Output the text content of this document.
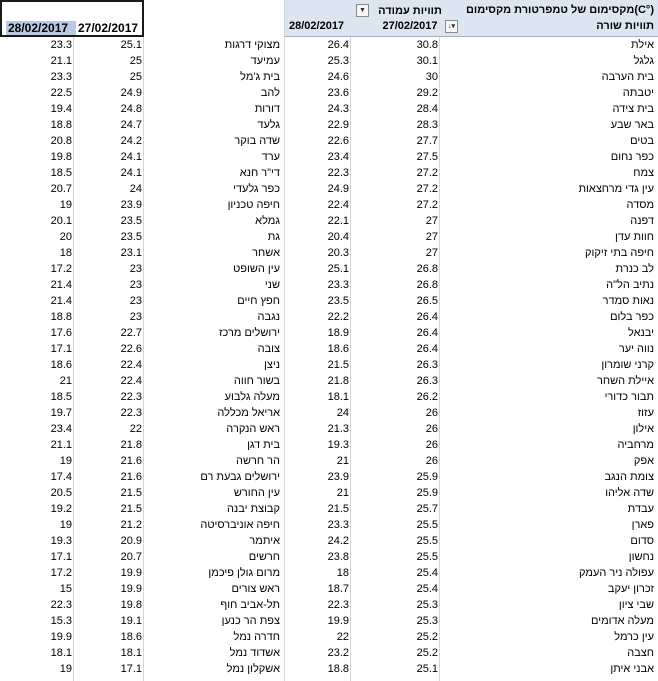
28/02/2017 27/02/2017	28/02/2017
▼	תוויות עמודה
27/02/2017	↓▾
מקסימום של טמפרטורת מקסימום(C°)
תוויות שורה
23.3	25.1	מצוקי דרגות	26.4	30.8	אילת
21.1	25	עמיעד	25.3	30.1	גלגל
23.3	25	בית ג'מל	24.6	30	בית הערבה
22.5	24.9	להב	23.6	29.2	יטבתה
19.4	24.8	דורות	24.3	28.4	בית צידה
18.8	24.7	גלעד	22.9	28.3	באר שבע
20.8	24.2	שדה בוקר	22.6	27.7	בטים
19.8	24.1	ערד	23.4	27.5	כפר נחום
18.5	24.1	די"ר חנא	22.3	27.2	צמח
20.7	24	כפר גלעדי	24.9	27.2	עין גדי מרחצאות
19	23.9	חיפה טכניון	22.4	27.2	מסדה
20.1	23.5	גמלא	22.1	27	דפנה
20	23.5	גת	20.4	27	חוות עדן
18	23.1	אשחר	20.3	27	חיפה בתי זיקוק
17.2	23	עין השופט	25.1	26.8	לב כנרת
21.4	23	שני	23.3	26.8	נתיב הל"ה
21.4	23	חפץ חיים	23.5	26.5	נאות סמדר
18.8	23	נגבה	22.2	26.4	כפר בלום
17.6	22.7	ירושלים מרכז	18.9	26.4	יבנאל
17.1	22.6	צובה	18.6	26.4	נווה יער
18.6	22.4	ניצן	21.5	26.3	קרני שומרון
21	22.4	בשור חווה	21.8	26.3	איילת השחר
18.5	22.3	מעלה גלבוע	18.1	26.2	תבור כדורי
19.7	22.3	אריאל מכללה	24	26	עזוז
23.4	22	ראש הנקרה	21.3	26	אילון
21.1	21.8	בית דגן	19.3	26	מרחביה
19	21.6	הר חרשה	21	26	אפק
17.4	21.6	ירושלים גבעת רם	23.9	25.9	צומת הנגב
20.5	21.5	עין החורש	21	25.9	שדה אליהו
19.2	21.5	קבוצת יבנה	21.5	25.7	עבדת
19	21.2	חיפה אוניברסיטה	23.3	25.5	פארן
19.3	20.9	איתמר	24.2	25.5	סדום
17.1	20.7	חרשים	23.8	25.5	נחשון
17.2	19.9	מרום גולן פיכמן	18	25.4	עפולה ניר העמק
15	19.9	ראש צורים	18.7	25.4	זכרון יעקב
22.3	19.8	תל-אביב חוף	22.3	25.3	שבי ציון
15.3	19.1	צפת הר כנען	19.9	25.3	מעלה אדומים
19.9	18.6	חדרה נמל	22	25.2	עין כרמל
18.1	18.1	אשדוד נמל	23.2	25.2	חצבה
19	17.1	אשקלון נמל	18.8	25.1	אבני איתן
